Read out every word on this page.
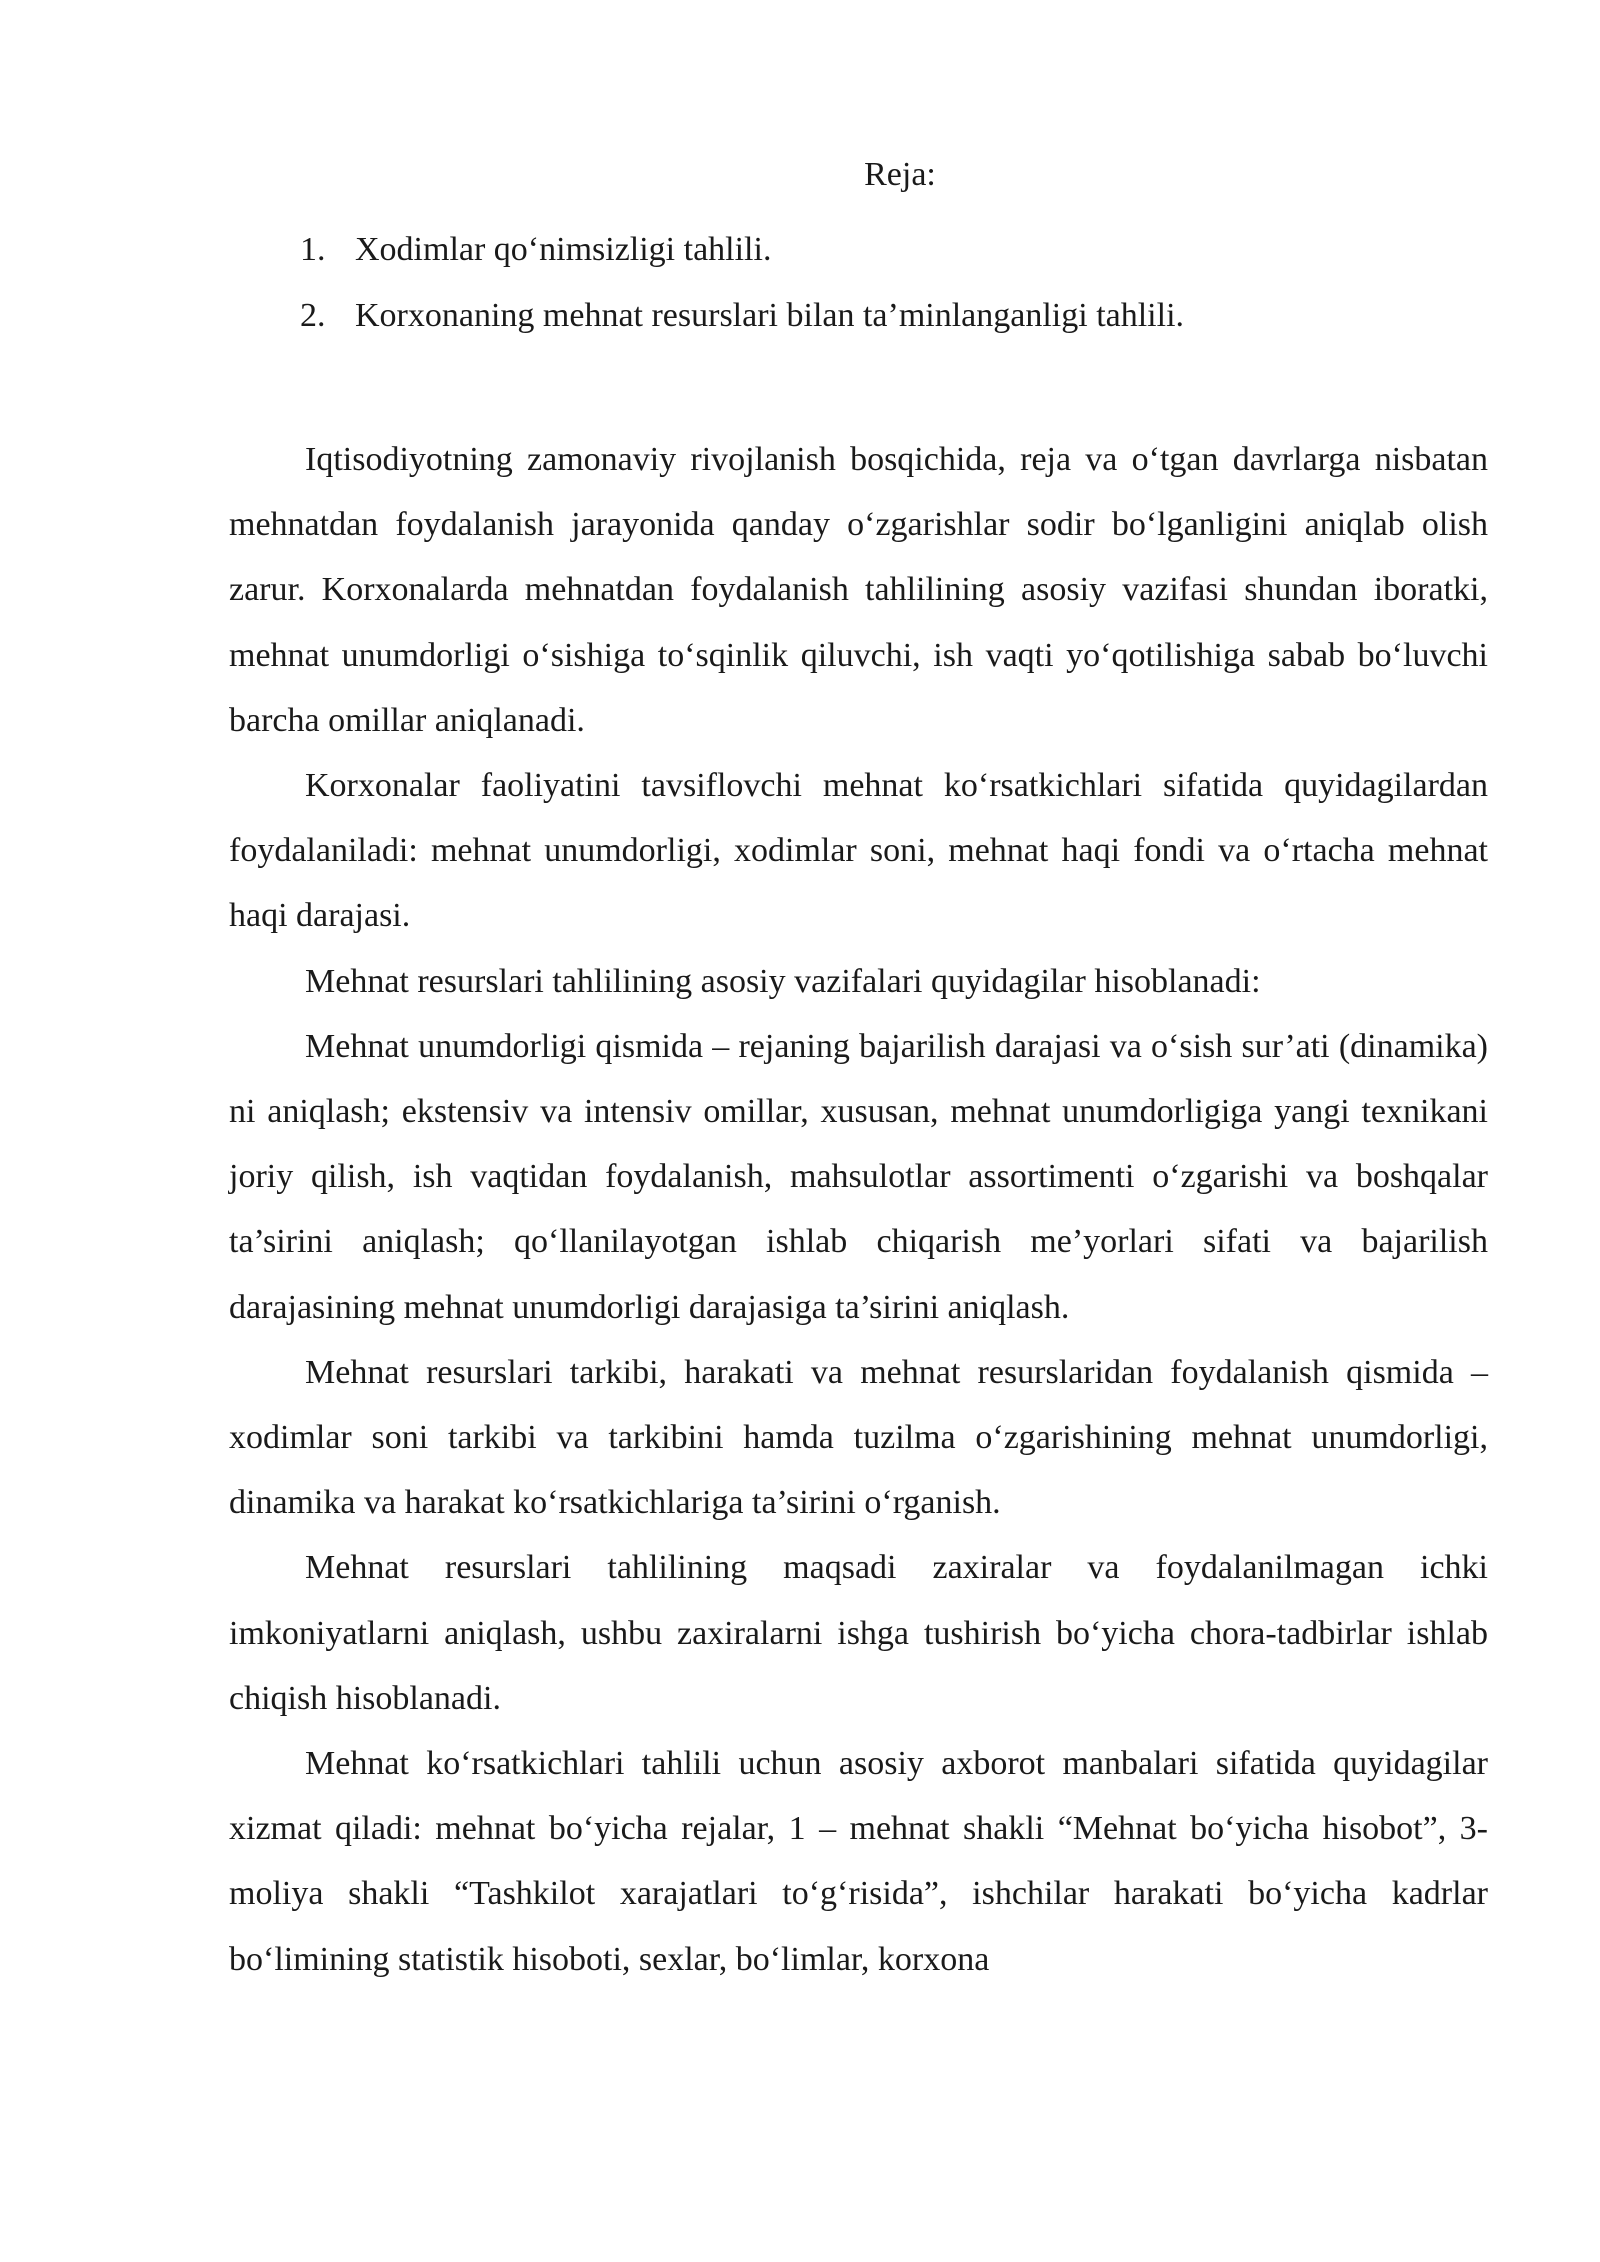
Reja:
1. Xodimlar qo‘nimsizligi tahlili.
2. Korxonaning mehnat resurslari bilan ta’minlanganligi tahlili.

Iqtisodiyotning zamonaviy rivojlanish bosqichida, reja va o‘tgan davrlarga nisbatan mehnatdan foydalanish jarayonida qanday o‘zgarishlar sodir bo‘lganligini aniqlab olish zarur. Korxonalarda mehnatdan foydalanish tahlilining asosiy vazifasi shundan iboratki, mehnat unumdorligi o‘sishiga to‘sqinlik qiluvchi, ish vaqti yo‘qotilishiga sabab bo‘luvchi barcha omillar aniqlanadi.

Korxonalar faoliyatini tavsiflovchi mehnat ko‘rsatkichlari sifatida quyidagilardan foydalaniladi: mehnat unumdorligi, xodimlar soni, mehnat haqi fondi va o‘rtacha mehnat haqi darajasi.

Mehnat resurslari tahlilining asosiy vazifalari quyidagilar hisoblanadi:

Mehnat unumdorligi qismida – rejaning bajarilish darajasi va o‘sish sur’ati (dinamika) ni aniqlash; ekstensiv va intensiv omillar, xususan, mehnat unumdorligiga yangi texnikani joriy qilish, ish vaqtidan foydalanish, mahsulotlar assortimenti o‘zgarishi va boshqalar ta’sirini aniqlash; qo‘llanilayotgan ishlab chiqarish me’yorlari sifati va bajarilish darajasining mehnat unumdorligi darajasiga ta’sirini aniqlash.

Mehnat resurslari tarkibi, harakati va mehnat resurslaridan foydalanish qismida – xodimlar soni tarkibi va tarkibini hamda tuzilma o‘zgarishining mehnat unumdorligi, dinamika va harakat ko‘rsatkichlariga ta’sirini o‘rganish.

Mehnat resurslari tahlilining maqsadi zaxiralar va foydalanilmagan ichki imkoniyatlarni aniqlash, ushbu zaxiralarni ishga tushirish bo‘yicha chora-tadbirlar ishlab chiqish hisoblanadi.

Mehnat ko‘rsatkichlari tahlili uchun asosiy axborot manbalari sifatida quyidagilar xizmat qiladi: mehnat bo‘yicha rejalar, 1 – mehnat shakli “Mehnat bo‘yicha hisobot”, 3-moliya shakli “Tashkilot xarajatlari to‘g‘risida”, ishchilar harakati bo‘yicha kadrlar bo‘limining statistik hisoboti, sexlar, bo‘limlar, korxona
